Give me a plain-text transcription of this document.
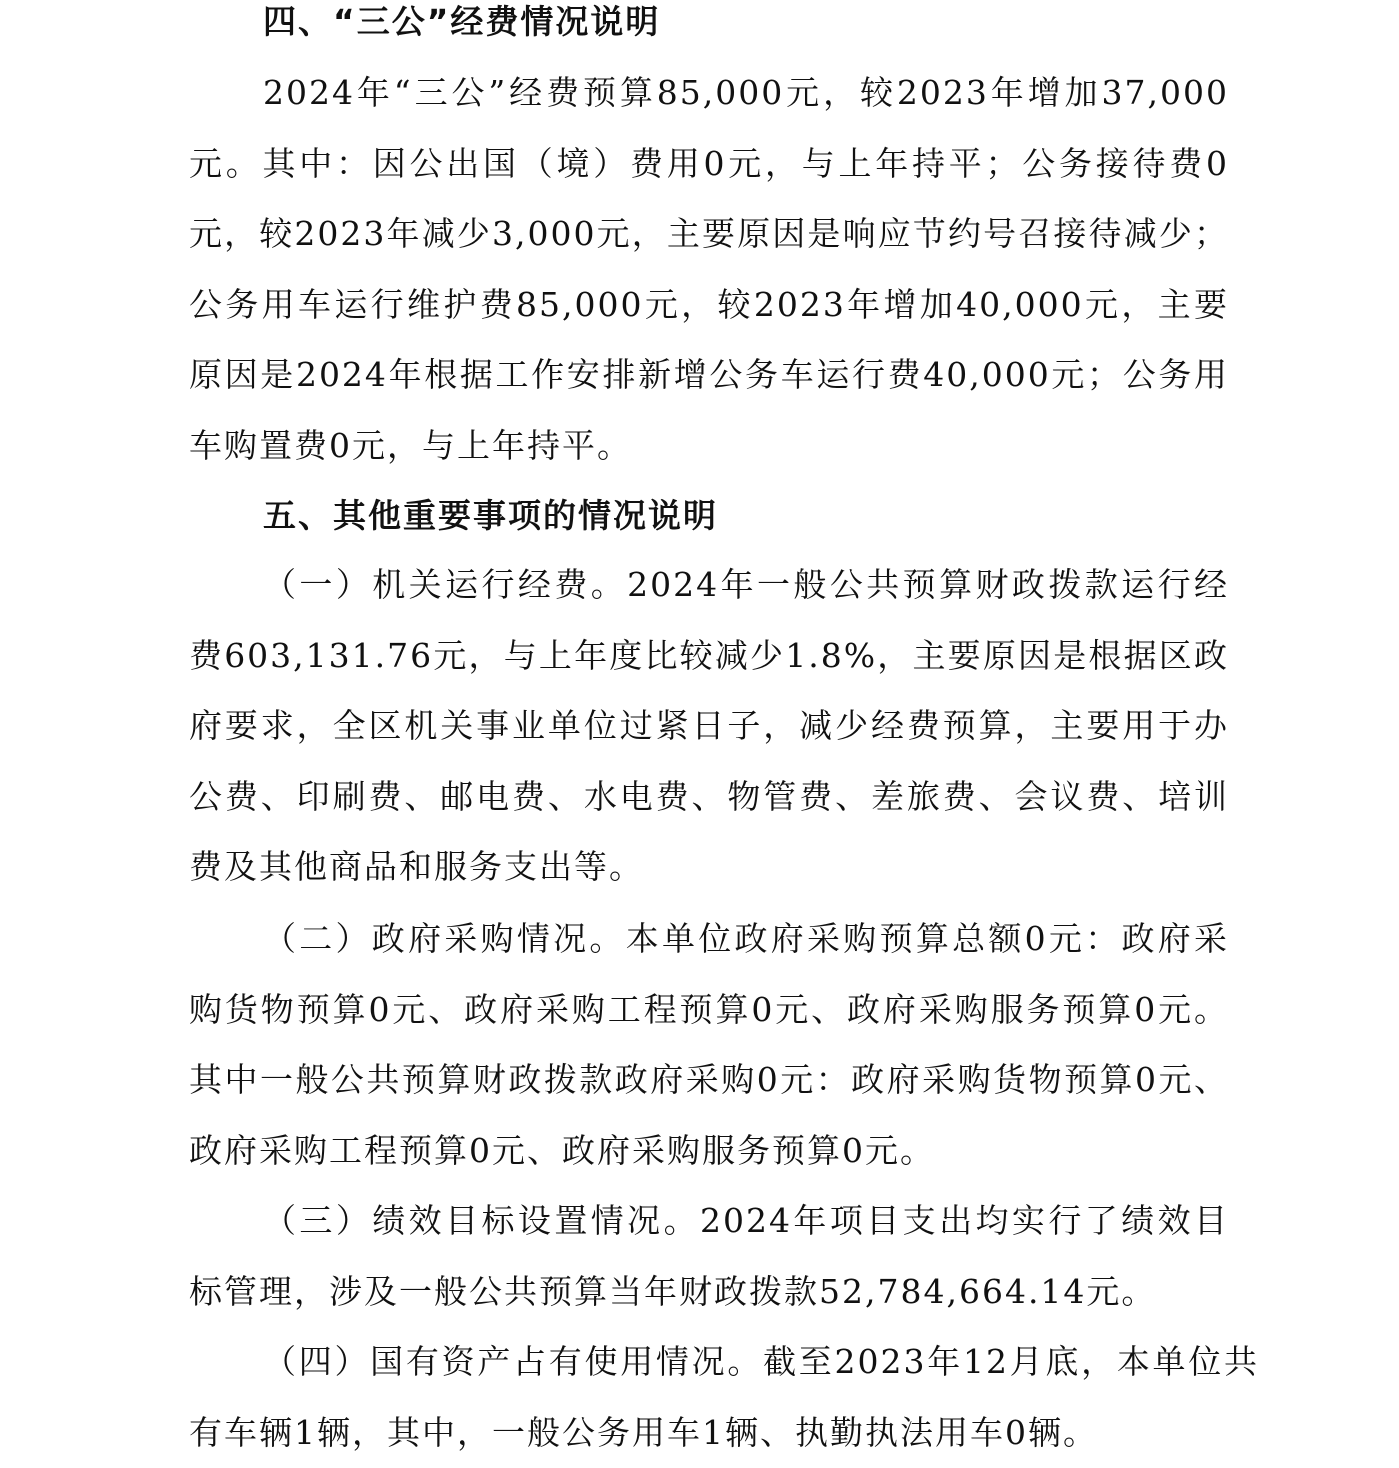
四、“三公”经费情况说明

2024年“三公”经费预算85,000元，较2023年增加37,000元。其中：因公出国（境）费用0元，与上年持平；公务接待费0元，较2023年减少3,000元，主要原因是响应节约号召接待减少；公务用车运行维护费85,000元，较2023年增加40,000元，主要原因是2024年根据工作安排新增公务车运行费40,000元；公务用车购置费0元，与上年持平。

五、其他重要事项的情况说明

（一）机关运行经费。2024年一般公共预算财政拨款运行经费603,131.76元，与上年度比较减少1.8%，主要原因是根据区政府要求，全区机关事业单位过紧日子，减少经费预算，主要用于办公费、印刷费、邮电费、水电费、物管费、差旅费、会议费、培训费及其他商品和服务支出等。

（二）政府采购情况。本单位政府采购预算总额0元：政府采购货物预算0元、政府采购工程预算0元、政府采购服务预算0元。其中一般公共预算财政拨款政府采购0元：政府采购货物预算0元、政府采购工程预算0元、政府采购服务预算0元。

（三）绩效目标设置情况。2024年项目支出均实行了绩效目标管理，涉及一般公共预算当年财政拨款52,784,664.14元。

（四）国有资产占有使用情况。截至2023年12月底，本单位共有车辆1辆，其中，一般公务用车1辆、执勤执法用车0辆。
